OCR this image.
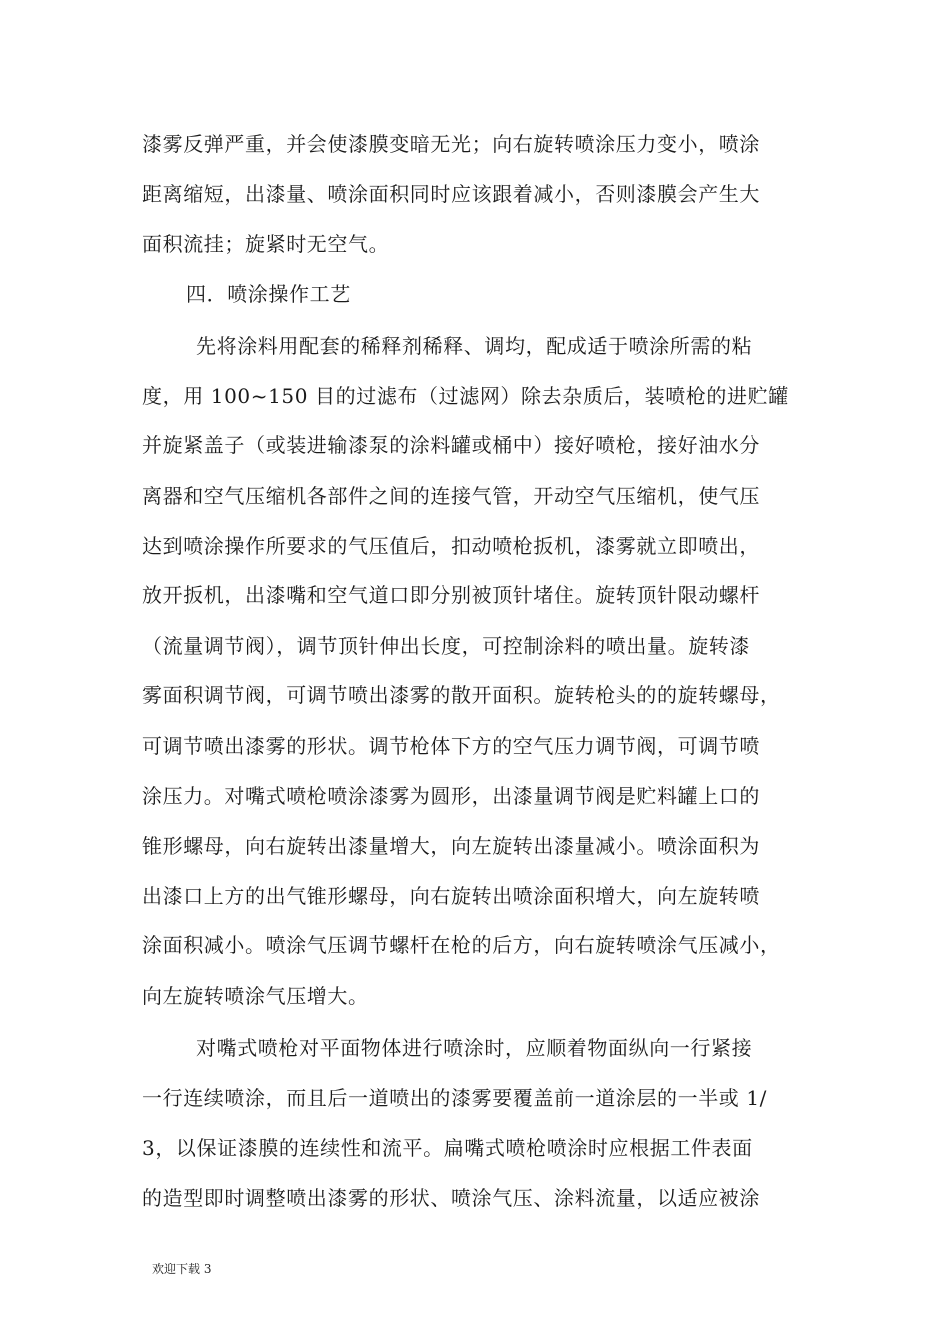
漆雾反弹严重，并会使漆膜变暗无光；向右旋转喷涂压力变小，喷涂
距离缩短，出漆量、喷涂面积同时应该跟着减小，否则漆膜会产生大
面积流挂；旋紧时无空气。
四．喷涂操作工艺
先将涂料用配套的稀释剂稀释、调均，配成适于喷涂所需的粘
度，用 100~150 目的过滤布（过滤网）除去杂质后，装喷枪的进贮罐
并旋紧盖子（或装进输漆泵的涂料罐或桶中）接好喷枪，接好油水分
离器和空气压缩机各部件之间的连接气管，开动空气压缩机，使气压
达到喷涂操作所要求的气压值后，扣动喷枪扳机，漆雾就立即喷出，
放开扳机，出漆嘴和空气道口即分别被顶针堵住。旋转顶针限动螺杆
（流量调节阀），调节顶针伸出长度，可控制涂料的喷出量。旋转漆
雾面积调节阀，可调节喷出漆雾的散开面积。旋转枪头的的旋转螺母，
可调节喷出漆雾的形状。调节枪体下方的空气压力调节阀，可调节喷
涂压力。对嘴式喷枪喷涂漆雾为圆形，出漆量调节阀是贮料罐上口的
锥形螺母，向右旋转出漆量增大，向左旋转出漆量减小。喷涂面积为
出漆口上方的出气锥形螺母，向右旋转出喷涂面积增大，向左旋转喷
涂面积减小。喷涂气压调节螺杆在枪的后方，向右旋转喷涂气压减小，
向左旋转喷涂气压增大。
对嘴式喷枪对平面物体进行喷涂时，应顺着物面纵向一行紧接
一行连续喷涂，而且后一道喷出的漆雾要覆盖前一道涂层的一半或 1/
3，以保证漆膜的连续性和流平。扁嘴式喷枪喷涂时应根据工件表面
的造型即时调整喷出漆雾的形状、喷涂气压、涂料流量，以适应被涂
欢迎下载 3
